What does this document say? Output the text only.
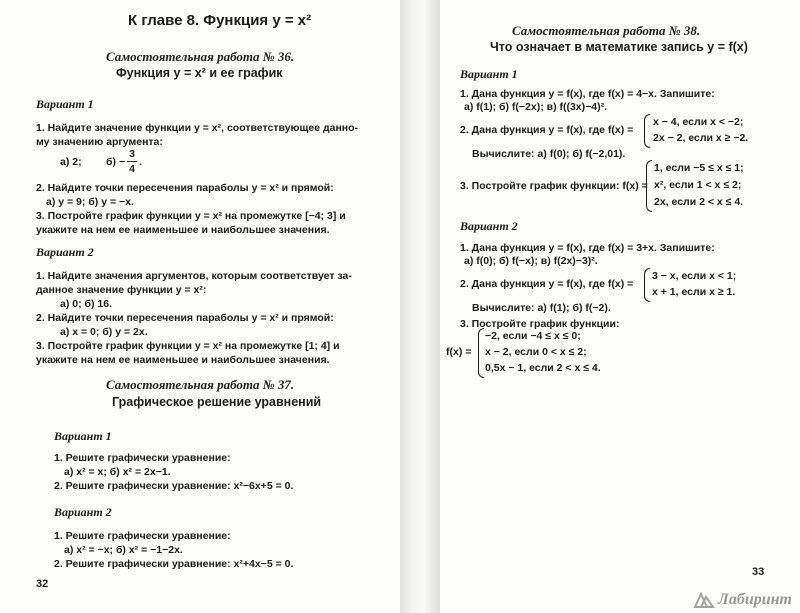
К главе 8. Функция y = x²
Самостоятельная работа № 36.
Функция y = x² и ее график
Вариант 1
1. Найдите значение функции y = x², соответствующее данно-
му значению аргумента:
а) 2; б) −
3
4
.
2. Найдите точки пересечения параболы y = x² и прямой:
а) y = 9; б) y = −x.
3. Постройте график функции y = x² на промежутке [−4; 3] и
укажите на нем ее наименьшее и наибольшее значения.
Вариант 2
1. Найдите значения аргументов, которым соответствует за-
данное значение функции y = x²:
а) 0; б) 16.
2. Найдите точки пересечения параболы y = x² и прямой:
а) x = 0; б) y = 2x.
3. Постройте график функции y = x² на промежутке [1; 4] и
укажите на нем ее наименьшее и наибольшее значения.
Самостоятельная работа № 37.
Графическое решение уравнений
Вариант 1
1. Решите графически уравнение:
а) x² = x; б) x² = 2x−1.
2. Решите графически уравнение: x²−6x+5 = 0.
Вариант 2
1. Решите графически уравнение:
а) x² = −x; б) x² = −1−2x.
2. Решите графически уравнение: x²+4x−5 = 0.
32
Самостоятельная работа № 38.
Что означает в математике запись y = f(x)
Вариант 1
1. Дана функция y = f(x), где f(x) = 4−x. Запишите:
а) f(1); б) f(−2x); в) f((3x)−4)².
2. Дана функция y = f(x), где f(x) =
x − 4, если x < −2;
2x − 2, если x ≥ −2.
Вычислите: а) f(0); б) f(−2,01).
3. Постройте график функции: f(x) =
1, если −5 ≤ x ≤ 1;
x², если 1 < x ≤ 2;
2x, если 2 < x ≤ 4.
Вариант 2
1. Дана функция y = f(x), где f(x) = 3+x. Запишите:
а) f(0); б) f(−x); в) f(2x)−3)².
2. Дана функция y = f(x), где f(x) =
3 − x, если x < 1;
x + 1, если x ≥ 1.
Вычислите: а) f(1); б) f(−2).
3. Постройте график функции:
f(x) =
−2, если −4 ≤ x ≤ 0;
x − 2, если 0 < x ≤ 2;
0,5x − 1, если 2 < x ≤ 4.
33
Лабиринт
